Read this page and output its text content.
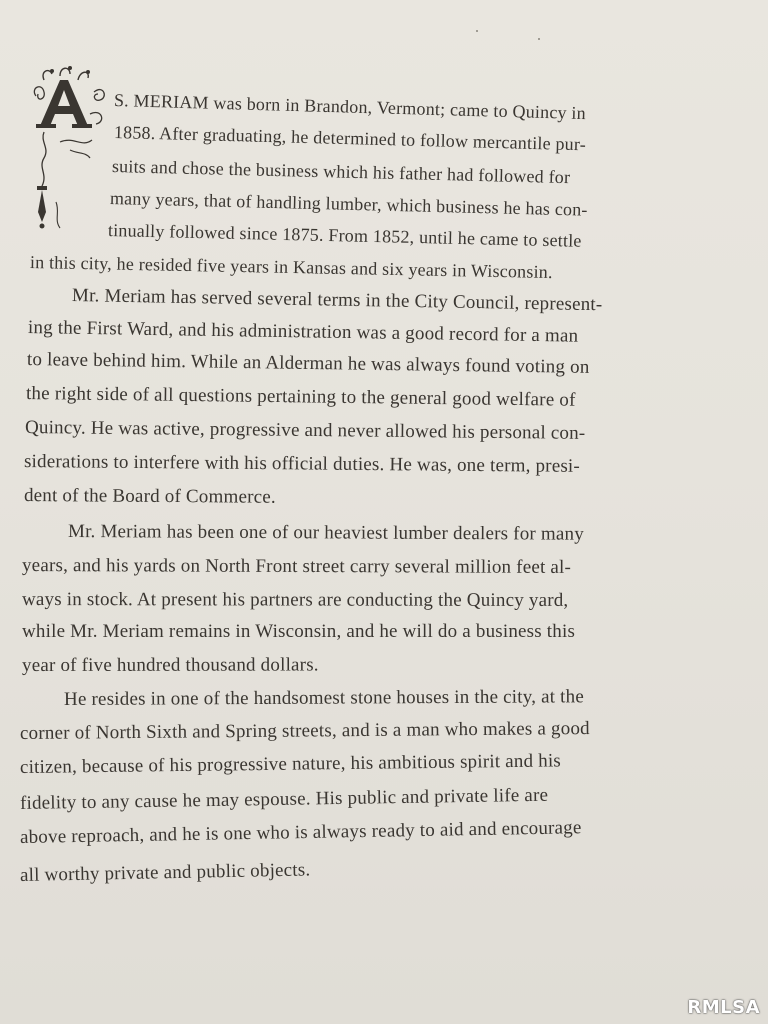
S. MERIAM was born in Brandon, Vermont; came to Quincy in
1858. After graduating, he determined to follow mercantile pur-
suits and chose the business which his father had followed for
many years, that of handling lumber, which business he has con-
tinually followed since 1875. From 1852, until he came to settle
in this city, he resided five years in Kansas and six years in Wisconsin.
Mr. Meriam has served several terms in the City Council, represent-
ing the First Ward, and his administration was a good record for a man
to leave behind him. While an Alderman he was always found voting on
the right side of all questions pertaining to the general good welfare of
Quincy. He was active, progressive and never allowed his personal con-
siderations to interfere with his official duties. He was, one term, presi-
dent of the Board of Commerce.
Mr. Meriam has been one of our heaviest lumber dealers for many
years, and his yards on North Front street carry several million feet al-
ways in stock. At present his partners are conducting the Quincy yard,
while Mr. Meriam remains in Wisconsin, and he will do a business this
year of five hundred thousand dollars.
He resides in one of the handsomest stone houses in the city, at the
corner of North Sixth and Spring streets, and is a man who makes a good
citizen, because of his progressive nature, his ambitious spirit and his
fidelity to any cause he may espouse. His public and private life are
above reproach, and he is one who is always ready to aid and encourage
all worthy private and public objects.
RMLSA
